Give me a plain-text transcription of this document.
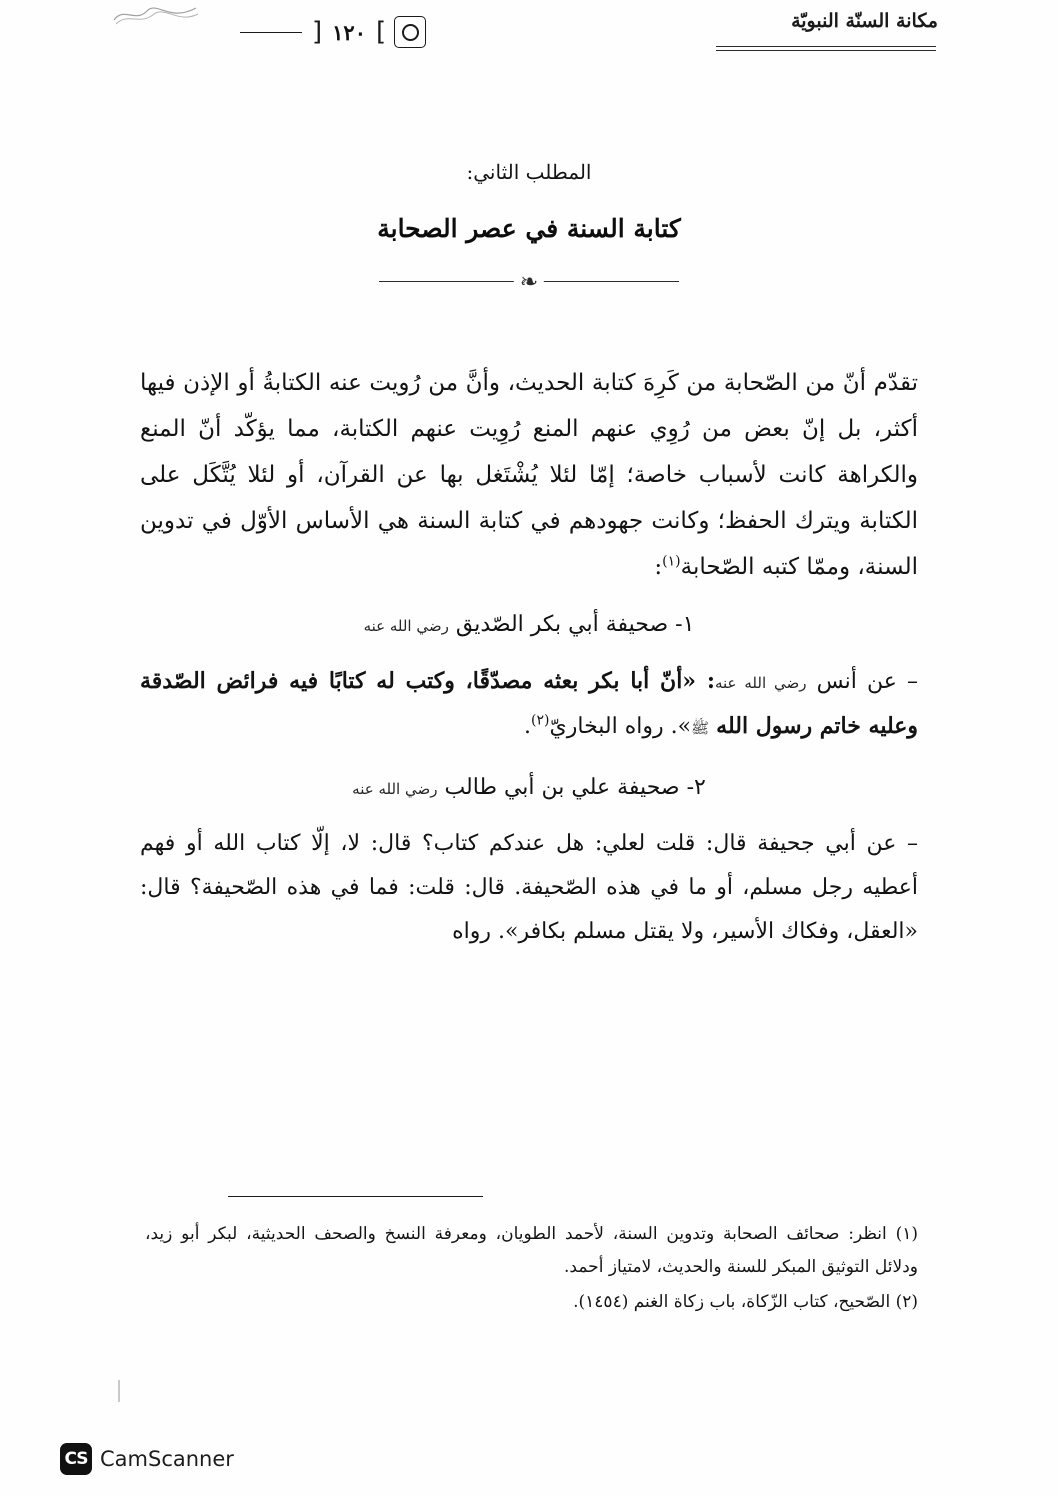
مكانة السنّة النبويّة
]
١٢٠
[
المطلب الثاني:
كتابة السنة في عصر الصحابة
❧

تقدّم أنّ من الصّحابة من كَرِهَ كتابة الحديث، وأنَّ من رُويت عنه الكتابةُ أو الإذن فيها أكثر، بل إنّ بعض من رُوِي عنهم المنع رُوِيت عنهم الكتابة، مما يؤكّد أنّ المنع والكراهة كانت لأسباب خاصة؛ إمّا لئلا يُشْتَغل بها عن القرآن، أو لئلا يُتَّكَل على الكتابة ويترك الحفظ؛ وكانت جهودهم في كتابة السنة هي الأساس الأوّل في تدوين السنة، وممّا كتبه الصّحابة$^{(١)}$:

١- صحيفة أبي بكر الصّديق رضي الله عنه

– عن أنس رضي الله عنه: «أنّ أبا بكر بعثه مصدّقًا، وكتب له كتابًا فيه فرائض الصّدقة وعليه خاتم رسول الله ﷺ». رواه البخاريّ$^{(٢)}$.

٢- صحيفة علي بن أبي طالب رضي الله عنه

– عن أبي جحيفة قال: قلت لعلي: هل عندكم كتاب؟ قال: لا، إلّا كتاب الله أو فهم أعطيه رجل مسلم، أو ما في هذه الصّحيفة. قال: قلت: فما في هذه الصّحيفة؟ قال: «العقل، وفكاك الأسير، ولا يقتل مسلم بكافر». رواه

(١) انظر: صحائف الصحابة وتدوين السنة، لأحمد الطويان، ومعرفة النسخ والصحف الحديثية، لبكر أبو زيد، ودلائل التوثيق المبكر للسنة والحديث، لامتياز أحمد.

(٢) الصّحيح، كتاب الزّكاة، باب زكاة الغنم (١٤٥٤).

CS CamScanner
